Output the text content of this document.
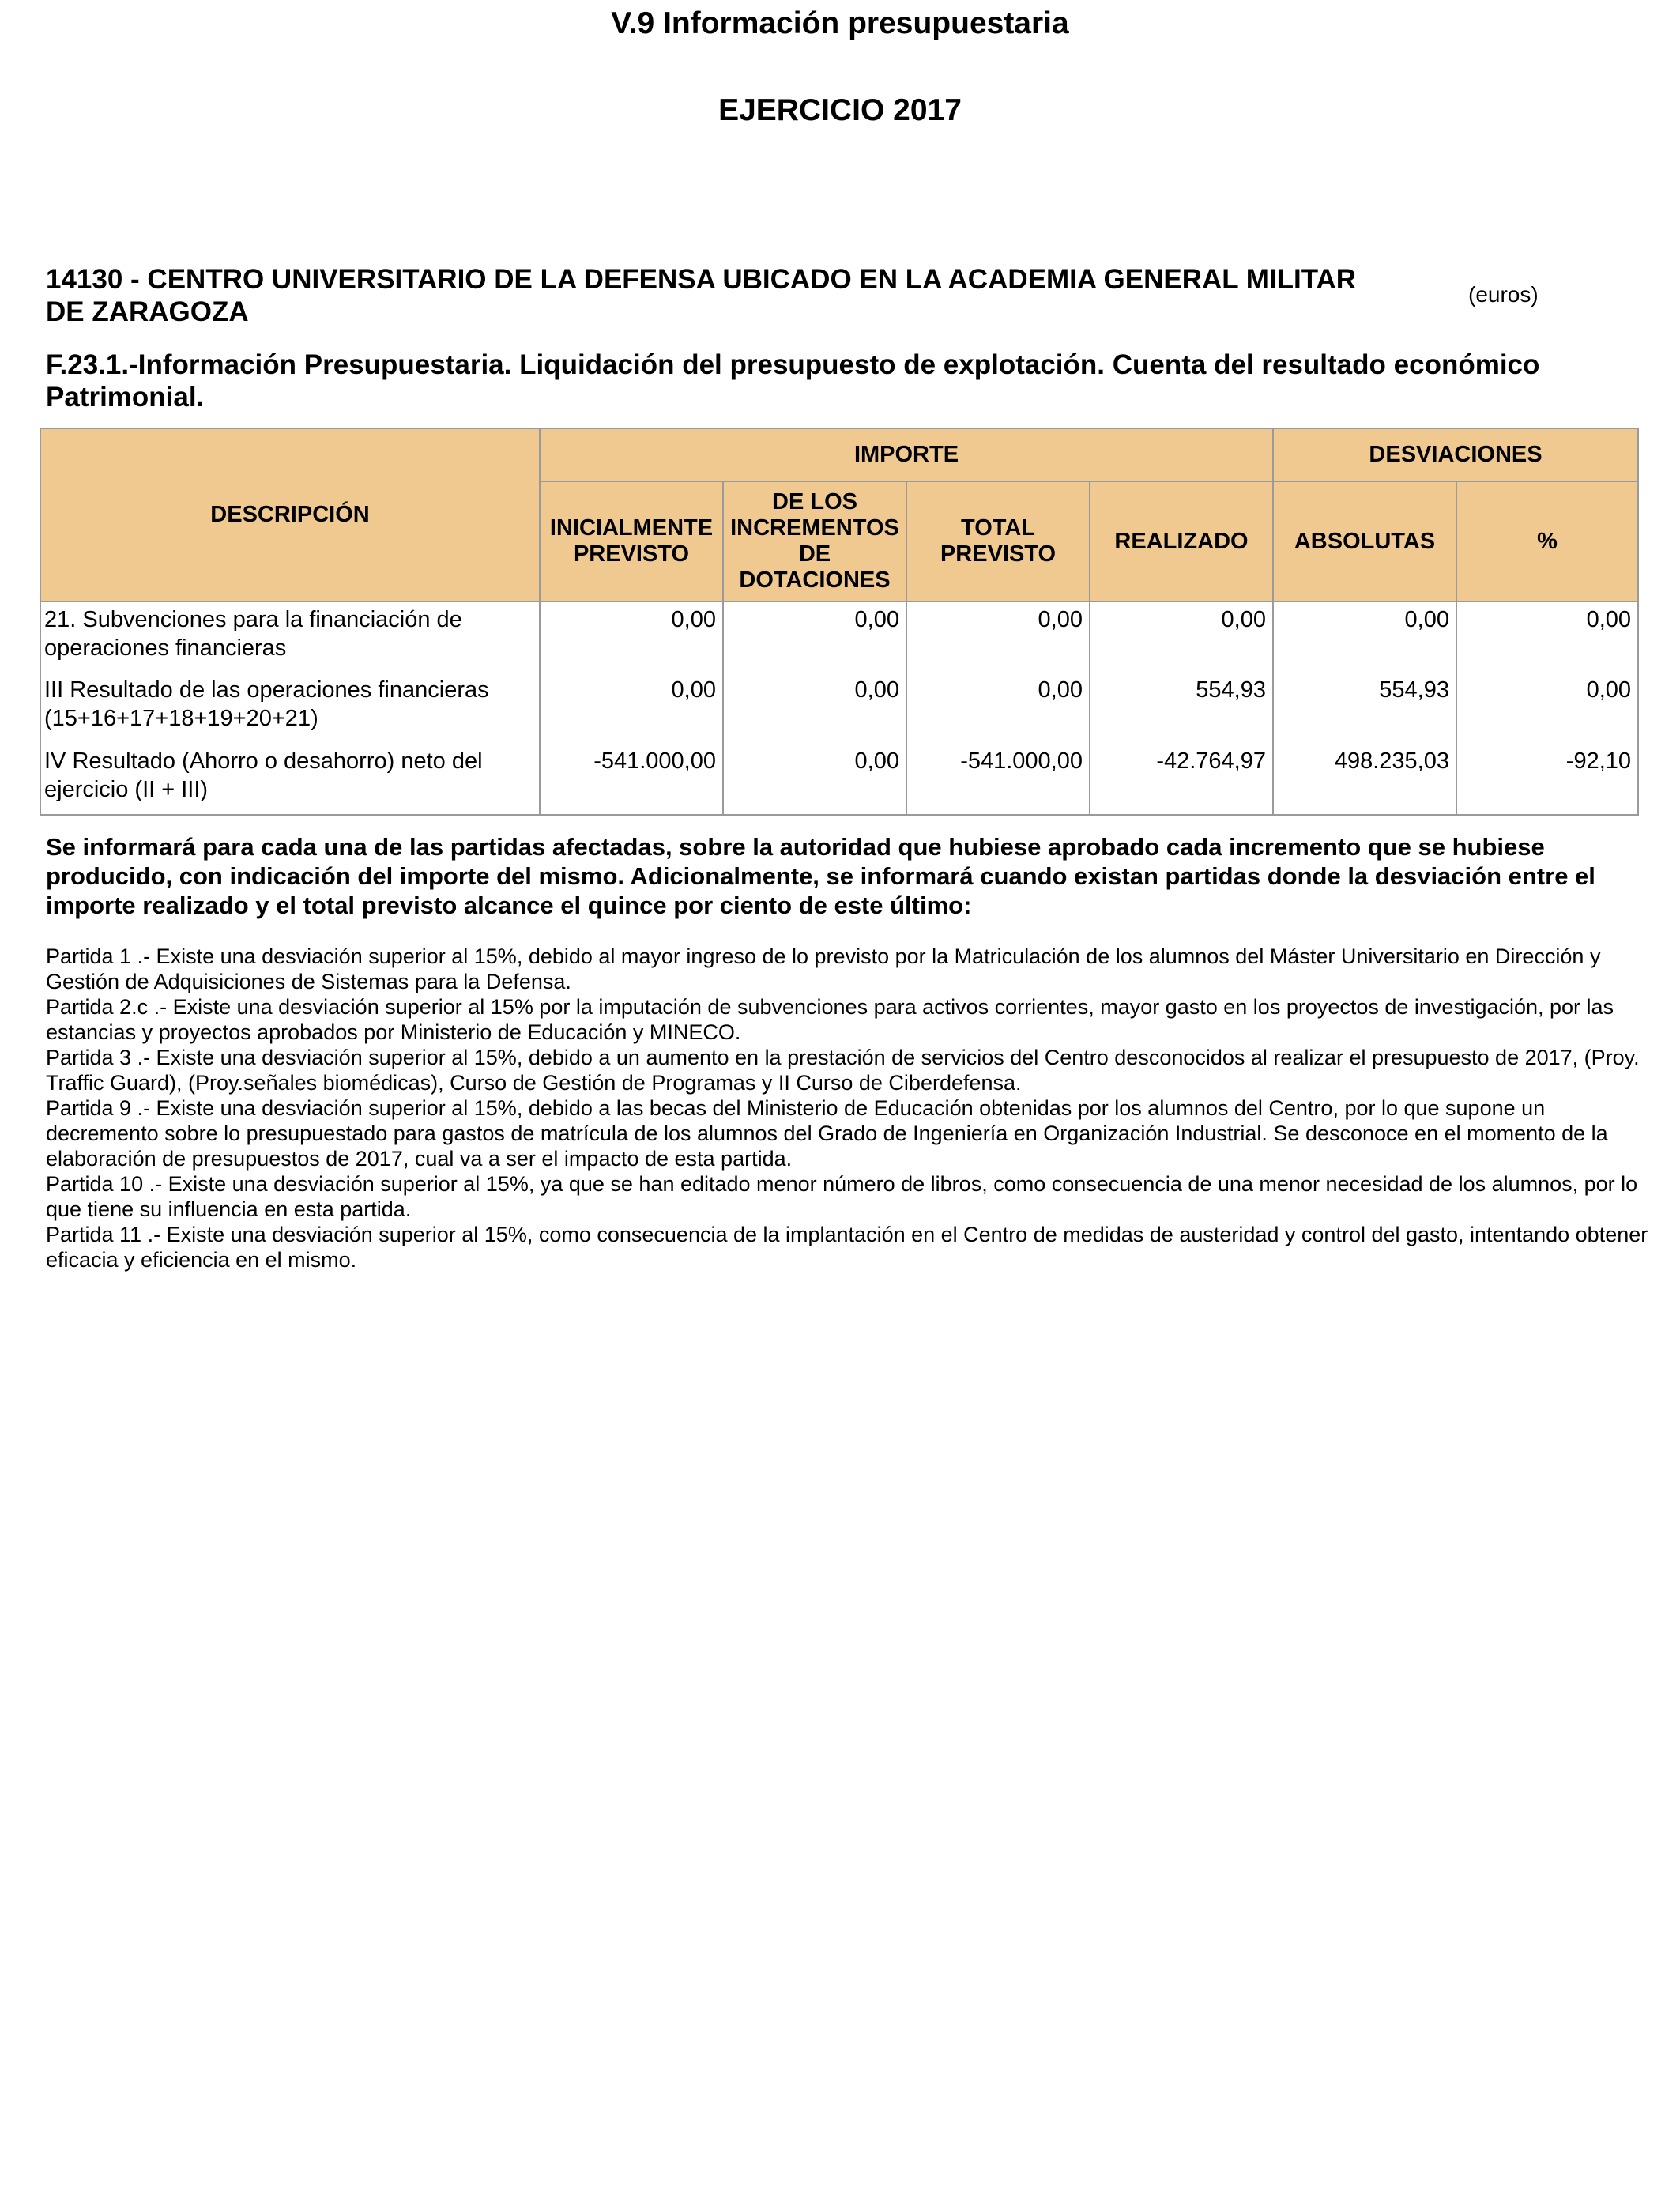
V.9 Información presupuestaria
EJERCICIO 2017
14130 - CENTRO UNIVERSITARIO DE LA DEFENSA UBICADO EN LA ACADEMIA GENERAL MILITAR DE ZARAGOZA
(euros)
F.23.1.-Información Presupuestaria. Liquidación del presupuesto de explotación. Cuenta del resultado económico Patrimonial.
DESCRIPCIÓN	IMPORTE				DESVIACIONES	
	INICIALMENTE PREVISTO	DE LOS INCREMENTOS DE DOTACIONES	TOTAL PREVISTO	REALIZADO	ABSOLUTAS	%
21. Subvenciones para la financiación de operaciones financieras	0,00	0,00	0,00	0,00	0,00	0,00
III Resultado de las operaciones financieras (15+16+17+18+19+20+21)	0,00	0,00	0,00	554,93	554,93	0,00
IV Resultado (Ahorro o desahorro) neto del ejercicio (II + III)	-541.000,00	0,00	-541.000,00	-42.764,97	498.235,03	-92,10
Se informará para cada una de las partidas afectadas, sobre la autoridad que hubiese aprobado cada incremento que se hubiese producido, con indicación del importe del mismo. Adicionalmente, se informará cuando existan partidas donde la desviación entre el importe realizado y el total previsto alcance el quince por ciento de este último:

Partida 1 .- Existe una desviación superior al 15%, debido al mayor ingreso de lo previsto por la Matriculación de los alumnos del Máster Universitario en Dirección y Gestión de Adquisiciones de Sistemas para la Defensa.

Partida 2.c .- Existe una desviación superior al 15% por la imputación de subvenciones para activos corrientes, mayor gasto en los proyectos de investigación, por las estancias y proyectos aprobados por Ministerio de Educación y MINECO.

Partida 3 .- Existe una desviación superior al 15%, debido a un aumento en la prestación de servicios del Centro desconocidos al realizar el presupuesto de 2017, (Proy. Traffic Guard), (Proy.señales biomédicas), Curso de Gestión de Programas y II Curso de Ciberdefensa.

Partida 9 .- Existe una desviación superior al 15%, debido a las becas del Ministerio de Educación obtenidas por los alumnos del Centro, por lo que supone un decremento sobre lo presupuestado para gastos de matrícula de los alumnos del Grado de Ingeniería en Organización Industrial. Se desconoce en el momento de la elaboración de presupuestos de 2017, cual va a ser el impacto de esta partida.

Partida 10 .- Existe una desviación superior al 15%, ya que se han editado menor número de libros, como consecuencia de una menor necesidad de los alumnos, por lo que tiene su influencia en esta partida.

Partida 11 .- Existe una desviación superior al 15%, como consecuencia de la implantación en el Centro de medidas de austeridad y control del gasto, intentando obtener eficacia y eficiencia en el mismo.
